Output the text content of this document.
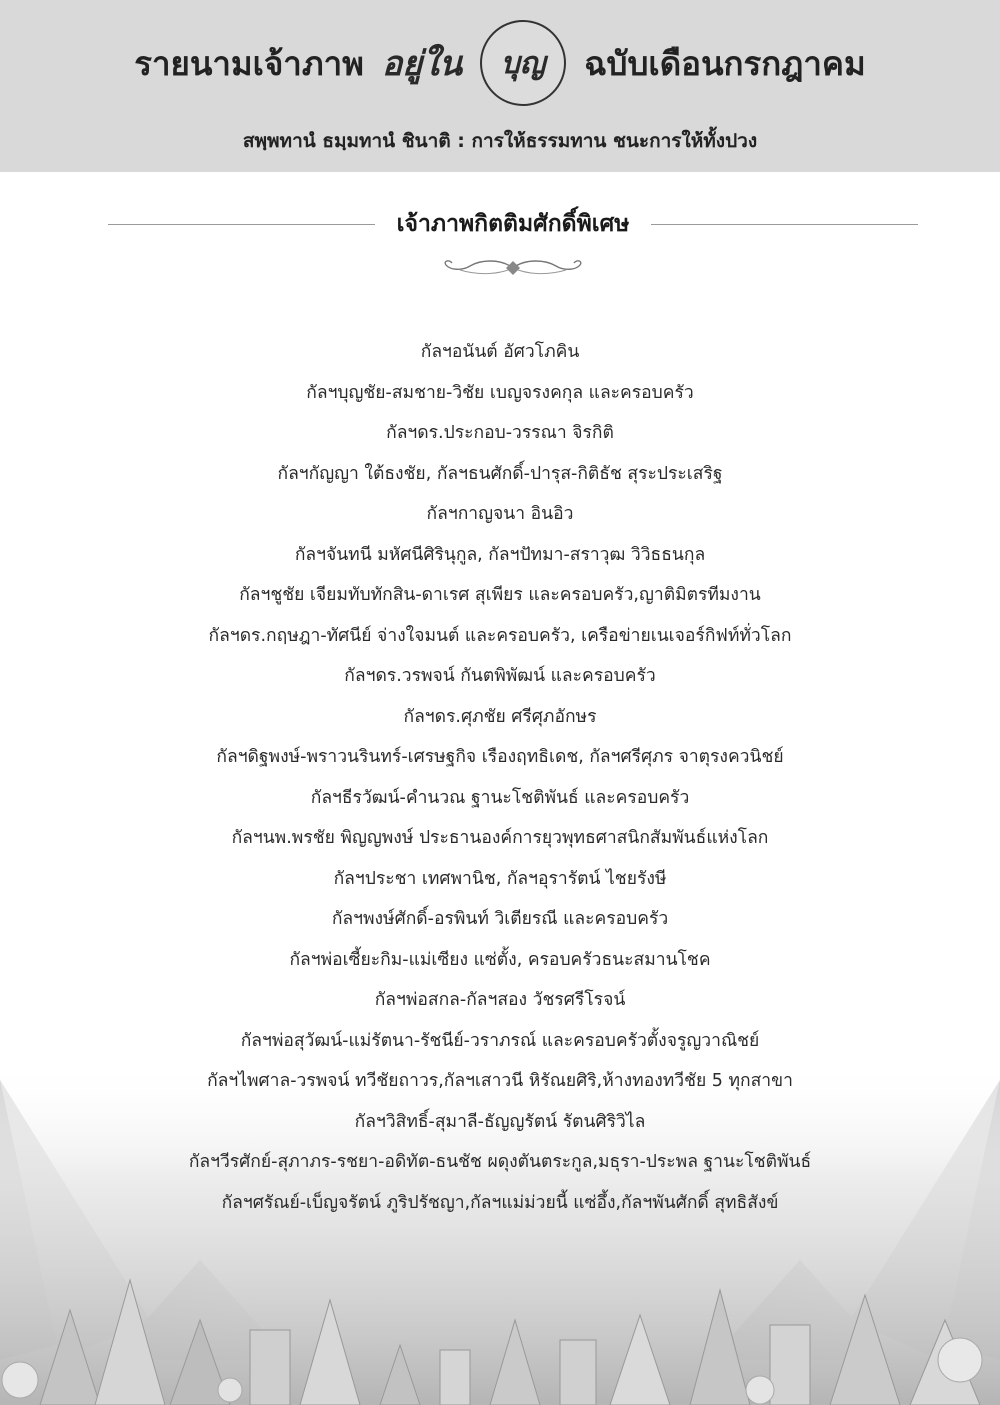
รายนามเจ้าภาพ อยู่ใน บุญ ฉบับเดือนกรกฎาคม
สพฺพทานํ ธมฺมทานํ ชินาติ : การให้ธรรมทาน ชนะการให้ทั้งปวง
เจ้าภาพกิตติมศักดิ์พิเศษ
กัลฯอนันต์ อัศวโภคิน
กัลฯบุญชัย-สมชาย-วิชัย เบญจรงคกุล และครอบครัว
กัลฯดร.ประกอบ-วรรณา จิรกิติ
กัลฯกัญญา ใต้ธงชัย, กัลฯธนศักดิ์-ปารุส-กิติธัช สุระประเสริฐ
กัลฯกาญจนา อินอิว
กัลฯจันทนี มหัศนีศิรินุกูล, กัลฯปัทมา-สราวุฒ วิวิธธนกุล
กัลฯชูชัย เจียมทับทักสิน-ดาเรศ สุเพียร และครอบครัว,ญาติมิตรทีมงาน
กัลฯดร.กฤษฎา-ทัศนีย์ จ่างใจมนต์ และครอบครัว, เครือข่ายเนเจอร์กิฟท์ทั่วโลก
กัลฯดร.วรพจน์ กันตพิพัฒน์ และครอบครัว
กัลฯดร.ศุภชัย ศรีศุภอักษร
กัลฯดิฐพงษ์-พราวนรินทร์-เศรษฐกิจ เรืองฤทธิเดช, กัลฯศรีศุภร จาตุรงควนิชย์
กัลฯธีรวัฒน์-คำนวณ ฐานะโชติพันธ์ และครอบครัว
กัลฯนพ.พรชัย พิญญพงษ์ ประธานองค์การยุวพุทธศาสนิกสัมพันธ์แห่งโลก
กัลฯประชา เทศพานิช, กัลฯอุรารัตน์ ไชยรังษี
กัลฯพงษ์ศักดิ์-อรพินท์ วิเตียรณี และครอบครัว
กัลฯพ่อเซี้ยะกิม-แม่เซียง แซ่ตั้ง, ครอบครัวธนะสมานโชค
กัลฯพ่อสกล-กัลฯสอง วัชรศรีโรจน์
กัลฯพ่อสุวัฒน์-แม่รัตนา-รัชนีย์-วราภรณ์ และครอบครัวตั้งจรูญวาณิชย์
กัลฯไพศาล-วรพจน์ ทวีชัยถาวร,กัลฯเสาวนี หิรัณยศิริ,ห้างทองทวีชัย 5 ทุกสาขา
กัลฯวิสิทธิ์-สุมาลี-ธัญญรัตน์ รัตนศิริวิไล
กัลฯวีรศักย์-สุภาภร-รชยา-อดิทัต-ธนชัช ผดุงตันตระกูล,มธุรา-ประพล ฐานะโชติพันธ์
กัลฯศรัณย์-เบ็ญจรัตน์ ภูริปรัชญา,กัลฯแม่ม่วยนี้ แซ่อึ้ง,กัลฯพันศักดิ์ สุทธิสังข์
